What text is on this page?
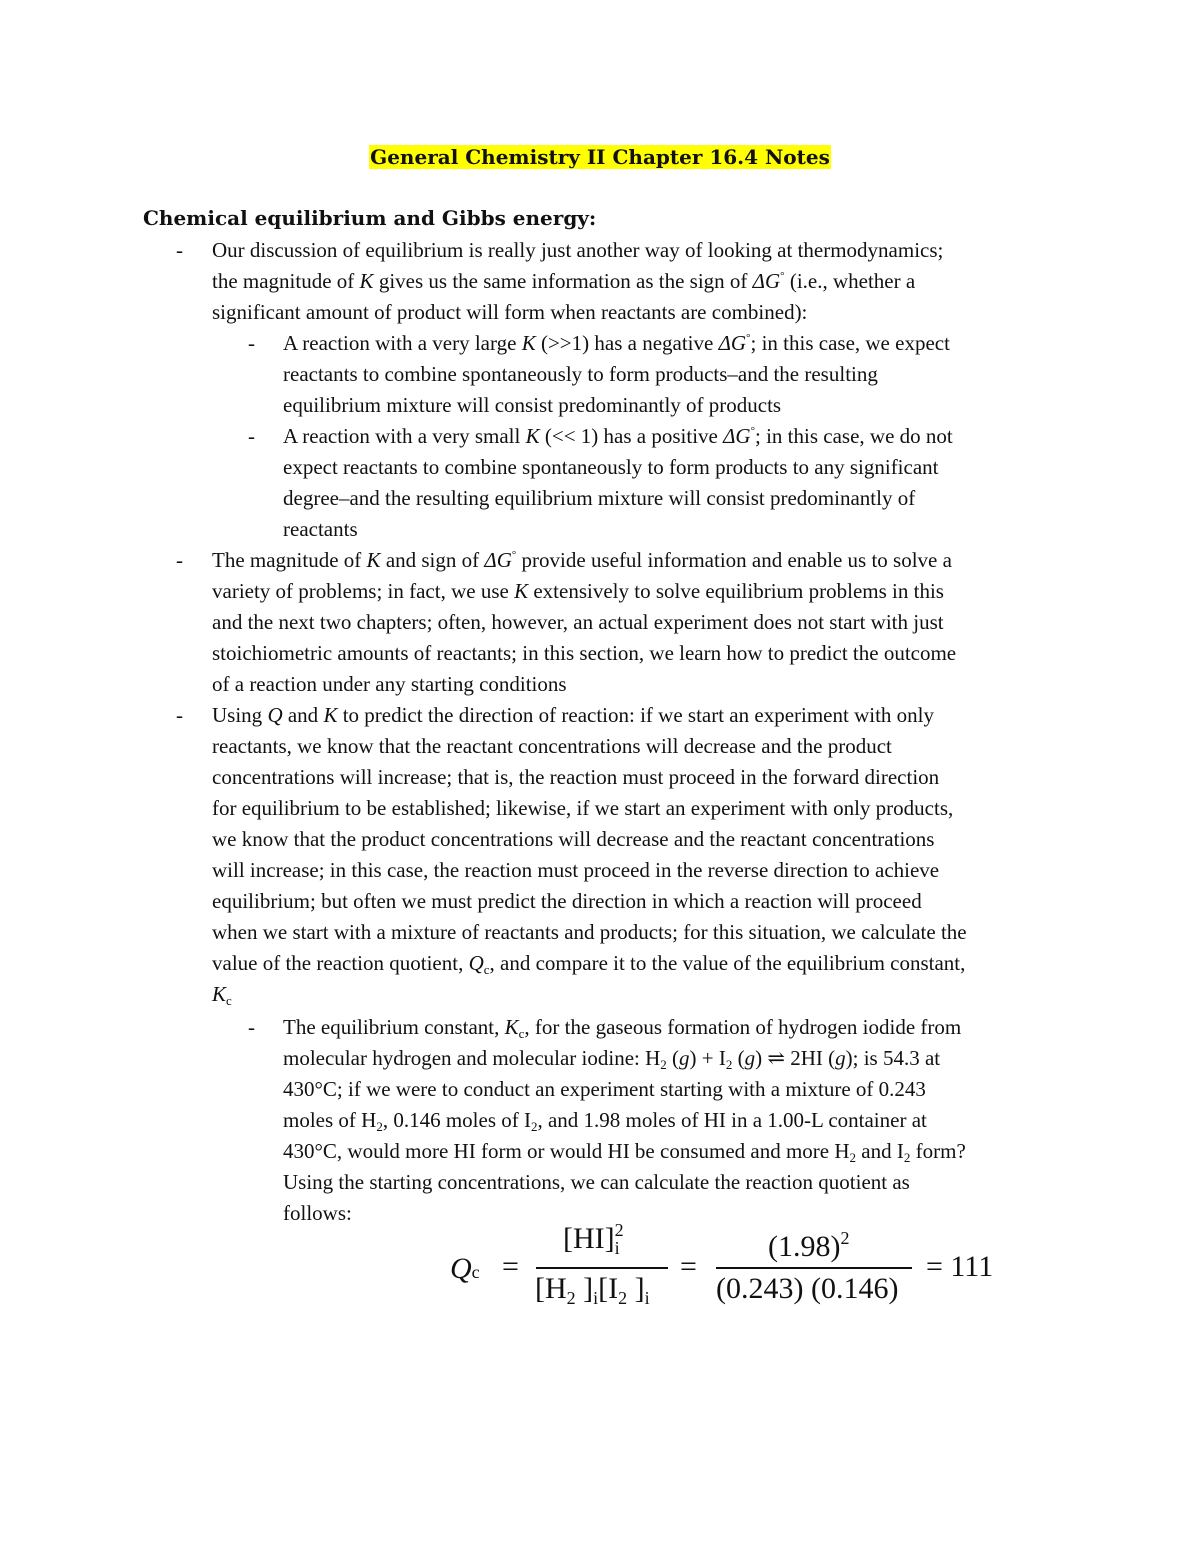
General Chemistry II Chapter 16.4 Notes
Chemical equilibrium and Gibbs energy:
- Our discussion of equilibrium is really just another way of looking at thermodynamics;

the magnitude of K gives us the same information as the sign of ΔG° (i.e., whether a

significant amount of product will form when reactants are combined):

- A reaction with a very large K (>>1) has a negative ΔG°; in this case, we expect

reactants to combine spontaneously to form products–and the resulting

equilibrium mixture will consist predominantly of products

- A reaction with a very small K (<< 1) has a positive ΔG°; in this case, we do not

expect reactants to combine spontaneously to form products to any significant

degree–and the resulting equilibrium mixture will consist predominantly of

reactants

- The magnitude of K and sign of ΔG° provide useful information and enable us to solve a

variety of problems; in fact, we use K extensively to solve equilibrium problems in this

and the next two chapters; often, however, an actual experiment does not start with just

stoichiometric amounts of reactants; in this section, we learn how to predict the outcome

of a reaction under any starting conditions

- Using Q and K to predict the direction of reaction: if we start an experiment with only

reactants, we know that the reactant concentrations will decrease and the product

concentrations will increase; that is, the reaction must proceed in the forward direction

for equilibrium to be established; likewise, if we start an experiment with only products,

we know that the product concentrations will decrease and the reactant concentrations

will increase; in this case, the reaction must proceed in the reverse direction to achieve

equilibrium; but often we must predict the direction in which a reaction will proceed

when we start with a mixture of reactants and products; for this situation, we calculate the

value of the reaction quotient, $Q_c$, and compare it to the value of the equilibrium constant,

$K_c$

- The equilibrium constant, $K_c$, for the gaseous formation of hydrogen iodide from

molecular hydrogen and molecular iodine: $H_2$ $(g) + I_2$ (g) ⇌ 2HI (g); is 54.3 at

430°C; if we were to conduct an experiment starting with a mixture of 0.243

moles of $H_2$, 0.146 moles of $I_2$, and 1.98 moles of HI in a 1.00-L container at

430°C, would more HI form or would HI be consumed and more $H_2$ and $I_2$ form?

Using the starting concentrations, we can calculate the reaction quotient as

follows:

Qc =
[HI]$^2_i$
[$H_2$ ]$_i[I_2$ ]$_i$
=
$(1.98)^2$
(0.243) (0.146)
= 111
